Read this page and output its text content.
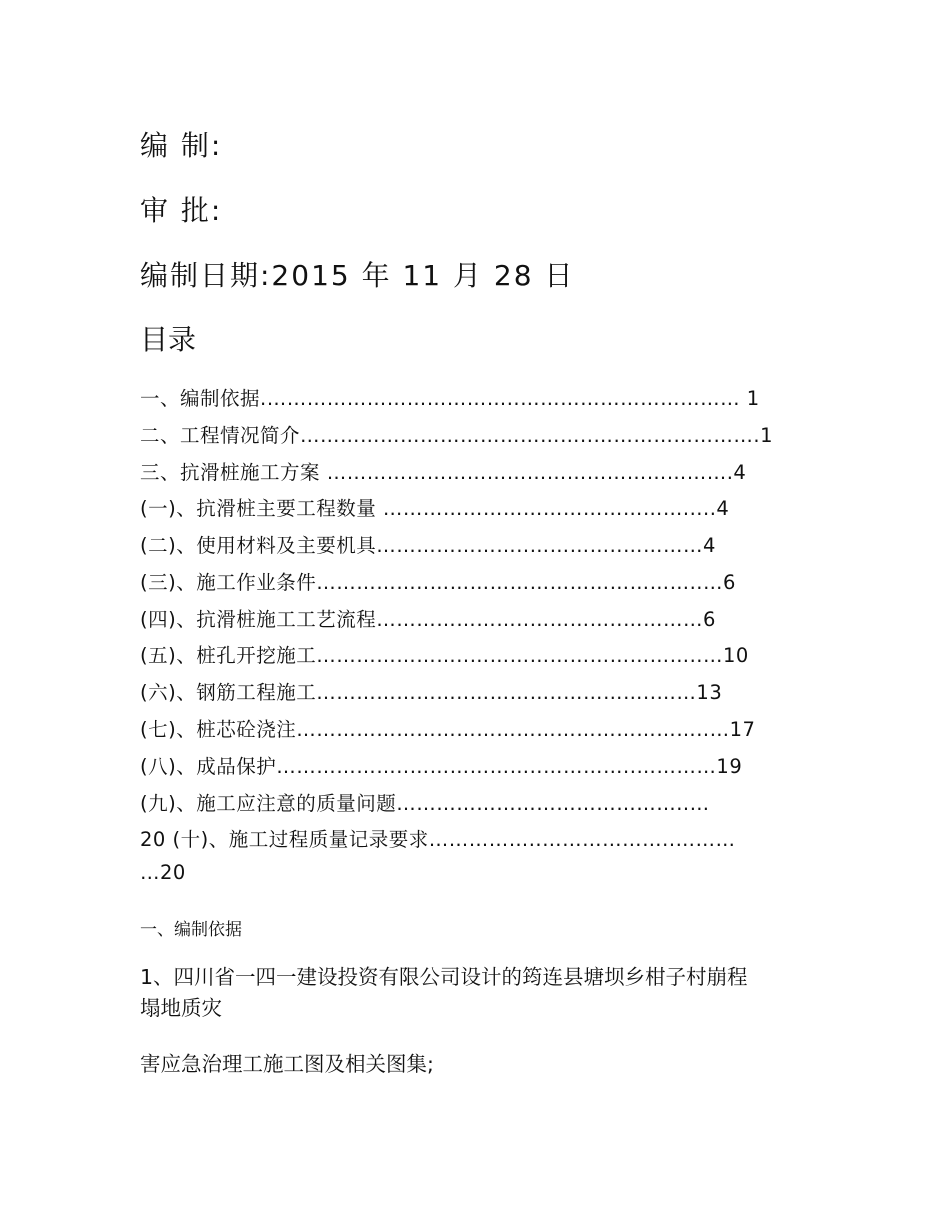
编 制:
审 批:
编制日期:2015 年 11 月 28 日
目录
一、编制依据.………………………………..…………………………… 1
二、工程情况简介……………………………………..…………………….1
三、抗滑桩施工方案 …………………………………………………….4
(一)、抗滑桩主要工程数量 ……………………………………….....4
(二)、使用材料及主要机具…………………..…………..…………4
(三)、施工作业条件……………..…………………………………..…6
(四)、抗滑桩施工工艺流程…………………..…………..…………6
(五)、桩孔开挖施工…………………..……………………………..…10
(六)、钢筋工程施工…………………..…………..…………..……13
(七)、桩芯砼浇注……………………………………………………..…17
(八)、成品保护………………..………………..…………..…………19
(九)、施工应注意的质量问题……………………………………..…
20 (十)、施工过程质量记录要求……………..………………..………
…20
一、编制依据
1、四川省一四一建设投资有限公司设计的筠连县塘坝乡柑子村崩程
塌地质灾
害应急治理工施工图及相关图集;
